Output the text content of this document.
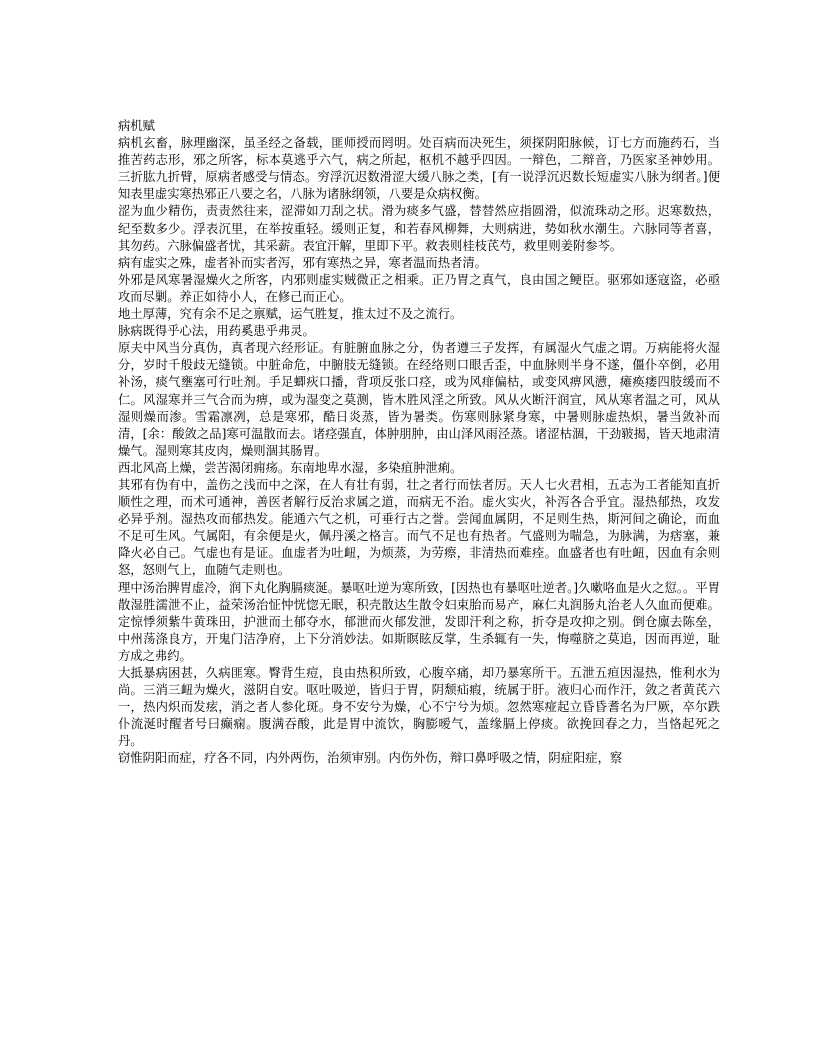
病机赋

病机玄畜，脉理幽深，虽圣经之备载，匪师授而罔明。处百病而决死生，须探阴阳脉候，订七方而施药石，当推苦药志形，邪之所客，标本莫逃乎六气，病之所起，枢机不越乎四因。一辩色，二辩音，乃医家圣神妙用。三折肱九折臂，原病者感受与情态。穷浮沉迟数滑涩大缓八脉之类，[有一说浮沉迟数长短虚实八脉为纲者。]便知表里虚实寒热邪正八要之名，八脉为诸脉纲领，八要是众病权衡。

涩为血少精伤，责责然往来，涩滞如刀刮之状。滑为痰多气盛，替替然应指圆滑，似流珠动之形。迟寒数热，纪至数多少。浮表沉里，在举按重轻。缓则正复，和若春风柳舞，大则病进，势如秋水潮生。六脉同等者喜，其勿药。六脉偏盛者忧，其采薪。表宜汗解，里即下平。救表则桂枝芪芍，救里则姜附参芩。

病有虚实之殊，虚者补而实者泻，邪有寒热之异，寒者温而热者清。

外邪是风寒暑湿燥火之所客，内邪则虚实贼微正之相乘。正乃胃之真气，良由国之鲠臣。驱邪如逐寇盗，必亟攻而尽剿。养正如待小人，在修己而正心。

地土厚薄，究有余不足之禀赋，运气胜复，推太过不及之流行。

脉病既得乎心法，用药奚患乎弗灵。

原夫中风当分真伪，真者现六经形证。有脏腑血脉之分，伪者遵三子发挥，有属湿火气虚之谓。万病能将火湿分，岁时千般歧无缝锁。中脏命危，中腑肢无缝锁。在经络则口眼舌歪，中血脉则半身不遂，僵仆卒倒，必用补汤，痰气壅塞可行吐剂。手足蝍疢口播，背项反张口痉，或为风痱偏枯，或变风痹风懑，瘫痪痿四肢缓而不仁。风湿寒并三气合而为痹，或为湿变之莫测，皆木胜风淫之所致。风从火断汗润宣，风从寒者温之可，风从湿则燥而渗。雪霜凛冽，总是寒邪，酷日炎蒸，皆为暑类。伤寒则脉紧身寒，中暑则脉虚热炽，暑当敛补而清，[余：酸敛之品]寒可温散而去。诸痉强直，体肿朋肿，由山泽风雨泾蒸。诸涩枯涸，干劲皲揭，皆天地肃清燥气。湿则寒其皮肉，燥则涸其肠胃。

西北风高上燥，尝苦渴闭痈疡。东南地卑水湿，多染疽肿泄痢。

其邪有伪有中，盖伤之浅而中之深，在人有壮有弱，壮之者行而怯者厉。天人七火君相，五志为工者能知直折顺性之理，而术可通神，善医者解行反治求属之道，而病无不治。虚火实火，补泻各合乎宜。湿热郁热，攻发必异乎剂。湿热攻而郁热发。能通六气之机，可垂行古之誉。尝闻血属阴，不足则生热，斯河间之确论，而血不足可生风。气属阳，有余便是火，佩丹溪之格言。而气不足也有热者。气盛则为喘急，为脉满，为痞塞，兼降火必自己。气虚也有是证。血虚者为吐衄，为烦蒸，为劳瘵，非清热而难痊。血盛者也有吐衄，因血有余则怒，怒则气上，血随气走则也。

理中汤治脾胃虚冷，润下丸化胸膈痰涎。暴呕吐逆为寒所致，[因热也有暴呕吐逆者。]久嗽咯血是火之愆。。平胃散湿胜濡泄不止，益荣汤治怔忡恍惚无眠，积壳散达生散令妇束胎而易产，麻仁丸润肠丸治老人久血而便难。定惊悸须紫牛黄珠田，护泄而土郁夺水，郁泄而火郁发泄，发即汗利之称，折夺是攻抑之别。倒仓廪去陈垒，中州荡涤良方，开鬼门洁净府，上下分消妙法。如斯瞑眩反掌，生杀辄有一失，悔噬脐之莫追，因而再逆，耻方成之弗约。

大抵暴病困甚，久病匪寒。臀背生痘，良由热积所致，心腹卒痛，却乃暴寒所干。五泄五疸因湿热，惟利水为尚。三消三衄为燥火，滋阴自安。呕吐吸逆，皆归于胃，阴颓疝瘕，统属于肝。液归心而作汗，敛之者黄芪六一，热内炽而发痃，消之者人参化斑。身不安兮为燥，心不宁兮为烦。忽然寒痖起立昏昏耆名为尸厥，卒尔跌仆流涎时醒者号曰癫痫。腹满吞酸，此是胃中流饮，胸膨嗳气，盖缘膈上停痰。欲挽回春之力，当恪起死之丹。

窃惟阴阳而症，疗各不同，内外两伤，治须审别。内伤外伤，辩口鼻呼吸之情，阴症阳症，察
